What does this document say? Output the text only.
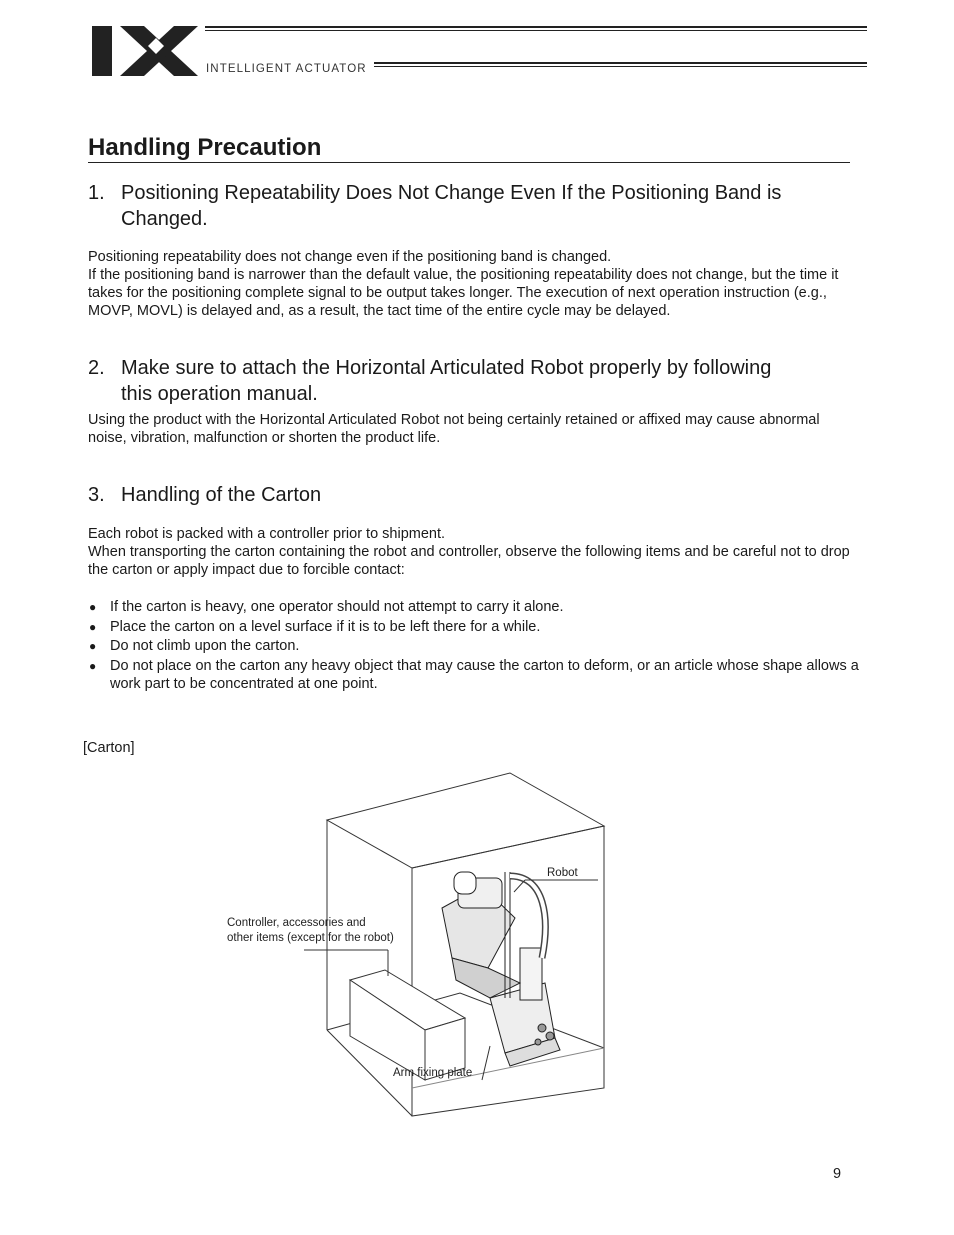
INTELLIGENT ACTUATOR
Handling Precaution
1. Positioning Repeatability Does Not Change Even If the Positioning Band is
Changed.
Positioning repeatability does not change even if the positioning band is changed.
If the positioning band is narrower than the default value, the positioning repeatability does not change, but the time it takes for the positioning complete signal to be output takes longer. The execution of next operation instruction (e.g., MOVP, MOVL) is delayed and, as a result, the tact time of the entire cycle may be delayed.
2. Make sure to attach the Horizontal Articulated Robot properly by following
this operation manual.
Using the product with the Horizontal Articulated Robot not being certainly retained or affixed may cause abnormal noise, vibration, malfunction or shorten the product life.
3. Handling of the Carton
Each robot is packed with a controller prior to shipment.
When transporting the carton containing the robot and controller, observe the following items and be careful not to drop the carton or apply impact due to forcible contact:
● If the carton is heavy, one operator should not attempt to carry it alone.
● Place the carton on a level surface if it is to be left there for a while.
● Do not climb upon the carton.
● Do not place on the carton any heavy object that may cause the carton to deform, or an article whose shape allows a work part to be concentrated at one point.
[Carton]
Robot
Controller, accessories and
other items (except for the robot)
Arm fixing plate
9
